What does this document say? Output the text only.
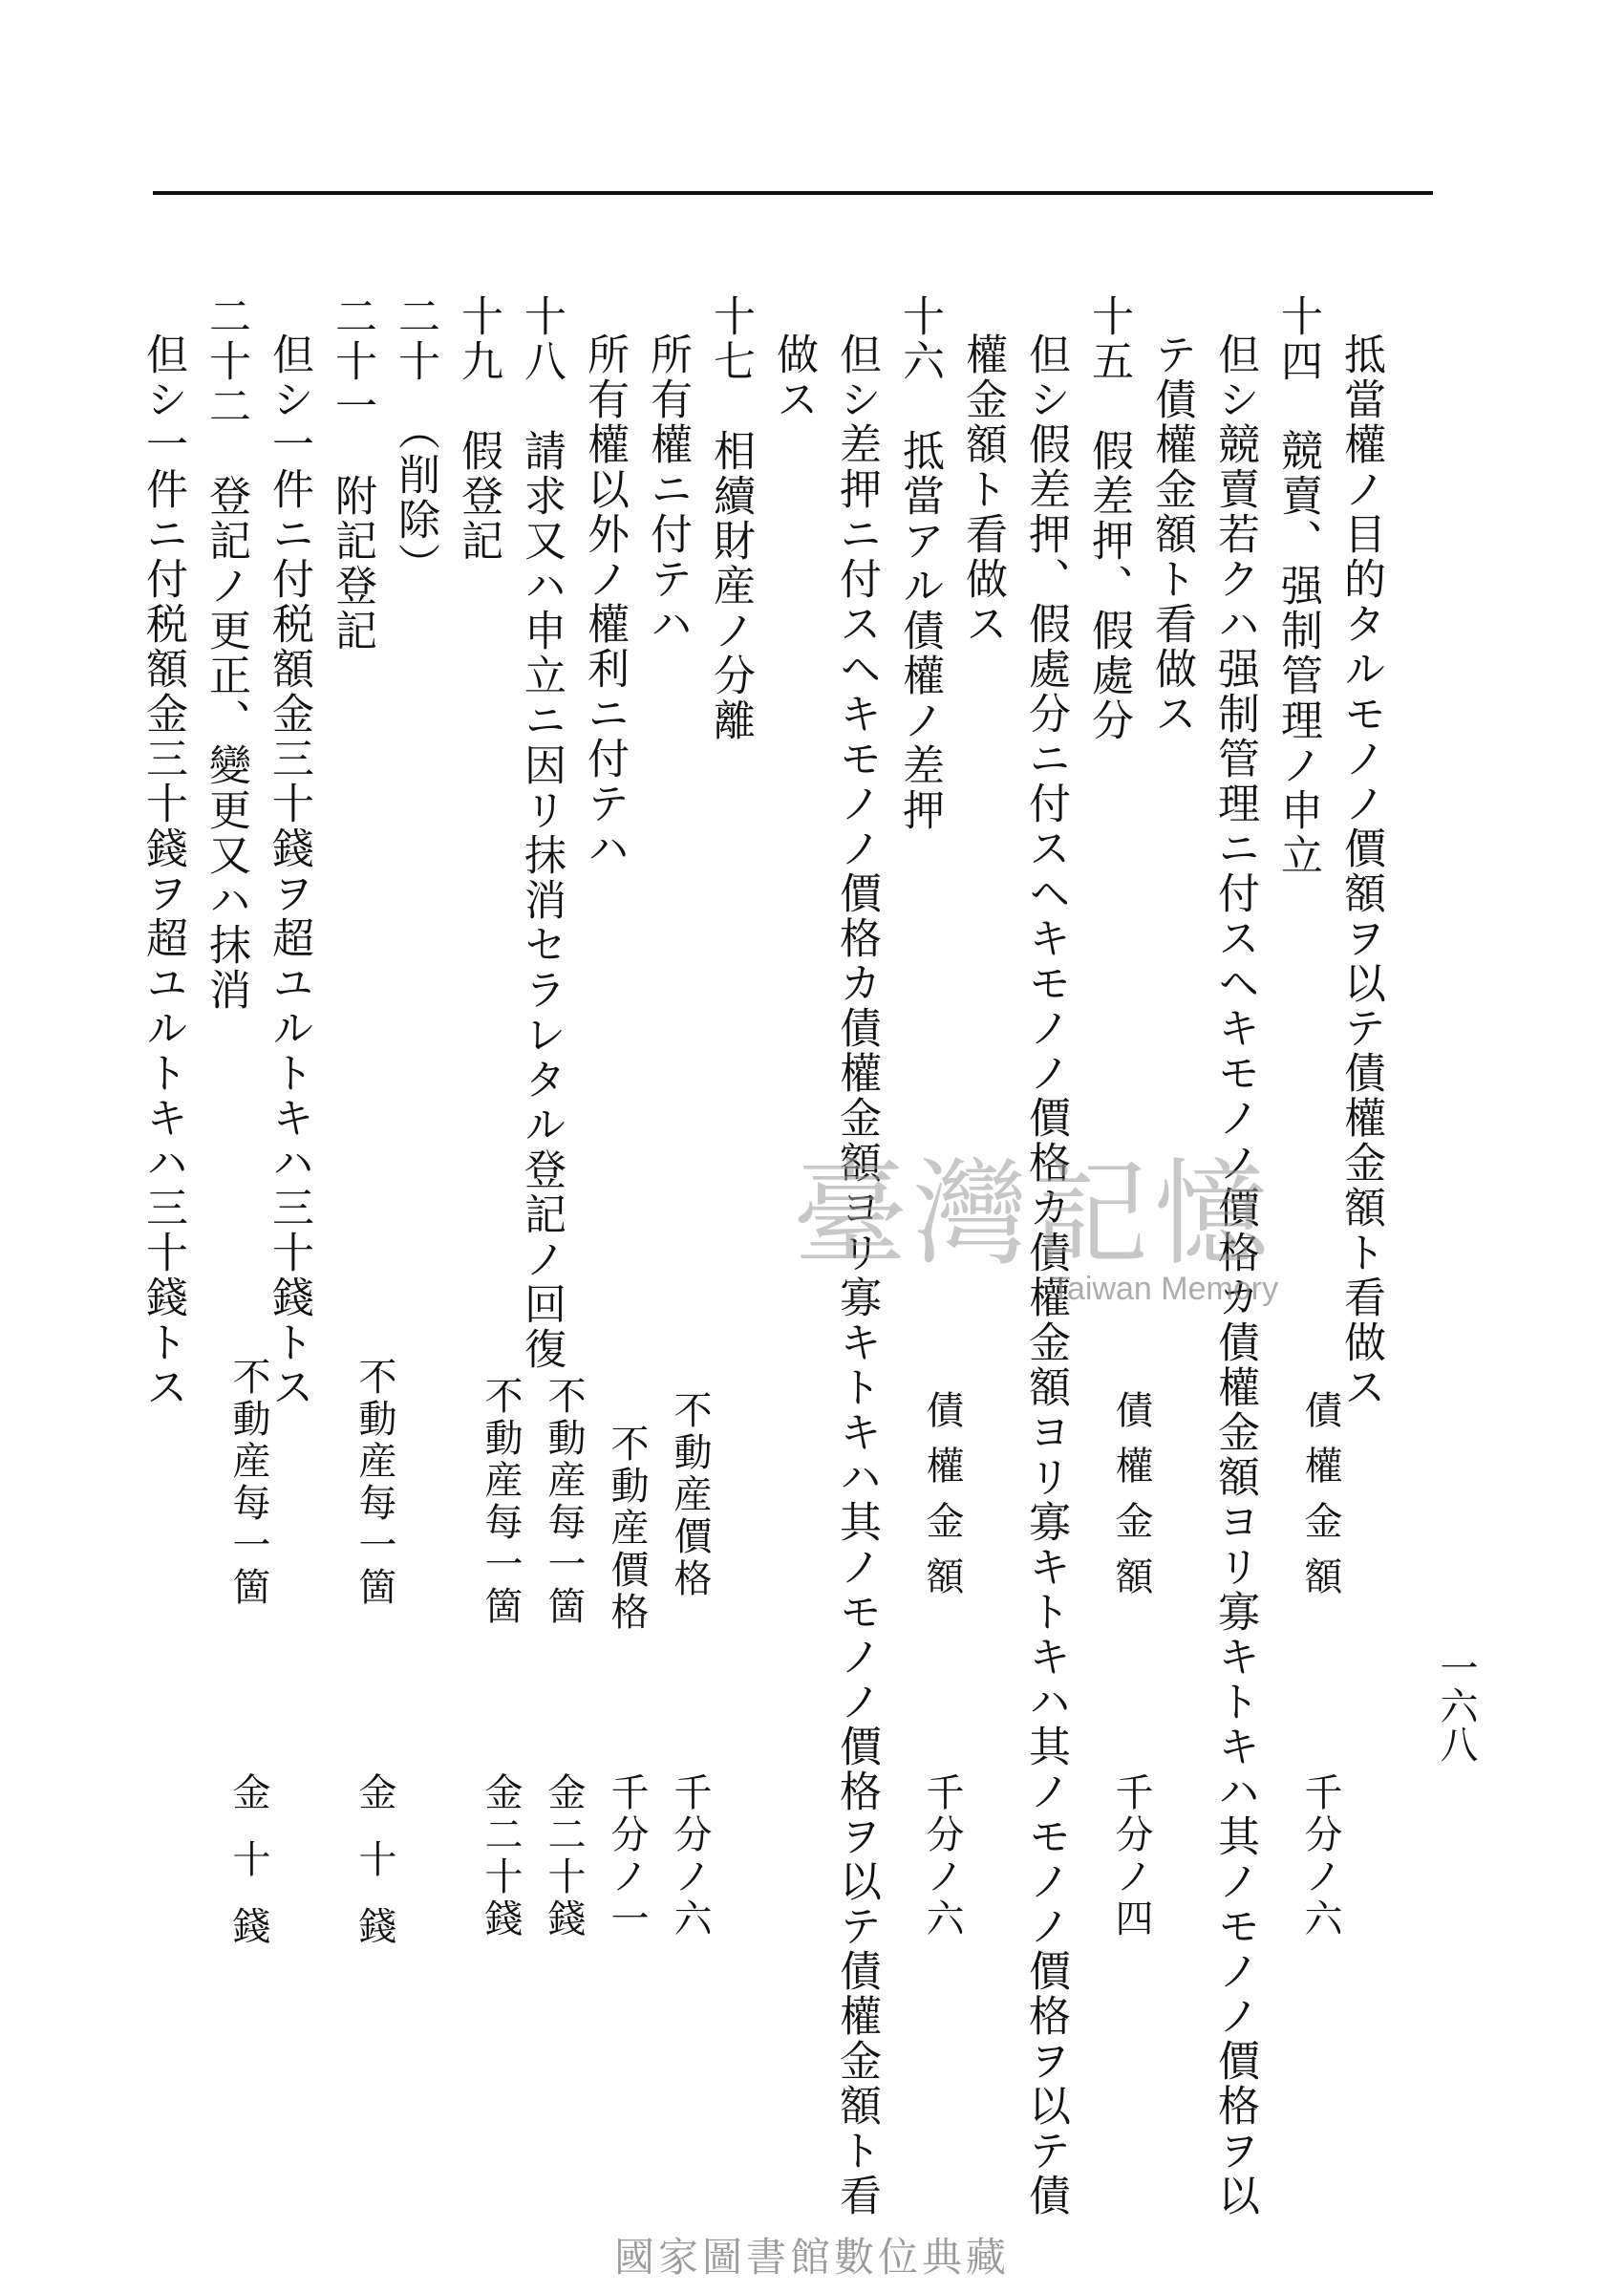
一六八
抵當權ノ目的タルモノノ價額ヲ以テ債權金額ト看做ス
十四　競賣、强制管理ノ申立
但シ競賣若クハ强制管理ニ付スヘキモノノ價格カ債權金額ヨリ寡キトキハ其ノモノノ價格ヲ以
テ債權金額ト看做ス
十五　假差押、假處分
但シ假差押、假處分ニ付スヘキモノノ價格カ債權金額ヨリ寡キトキハ其ノモノノ價格ヲ以テ債
權金額ト看做ス
十六　抵當アル債權ノ差押
但シ差押ニ付スヘキモノノ價格カ債權金額ヨリ寡キトキハ其ノモノノ價格ヲ以テ債權金額ト看
做ス
十七　相續財産ノ分離
所有權ニ付テハ
所有權以外ノ權利ニ付テハ
十八　請求又ハ申立ニ因リ抹消セラレタル登記ノ回復
十九　假登記
二十　（削除）
二十一　附記登記
但シ一件ニ付税額金三十錢ヲ超ユルトキハ三十錢トス
二十二　登記ノ更正、變更又ハ抹消
但シ一件ニ付税額金三十錢ヲ超ユルトキハ三十錢トス
債權金額
債權金額
債權金額
不動産價格
不動産價格
不動産每一箇
不動産每一箇
不動産每一箇
不動産每一箇
千分ノ六
千分ノ四
千分ノ六
千分ノ六
千分ノ一
金二十錢
金二十錢
金十錢
金十錢
臺灣記憶
Taiwan Memory
國家圖書館數位典藏
